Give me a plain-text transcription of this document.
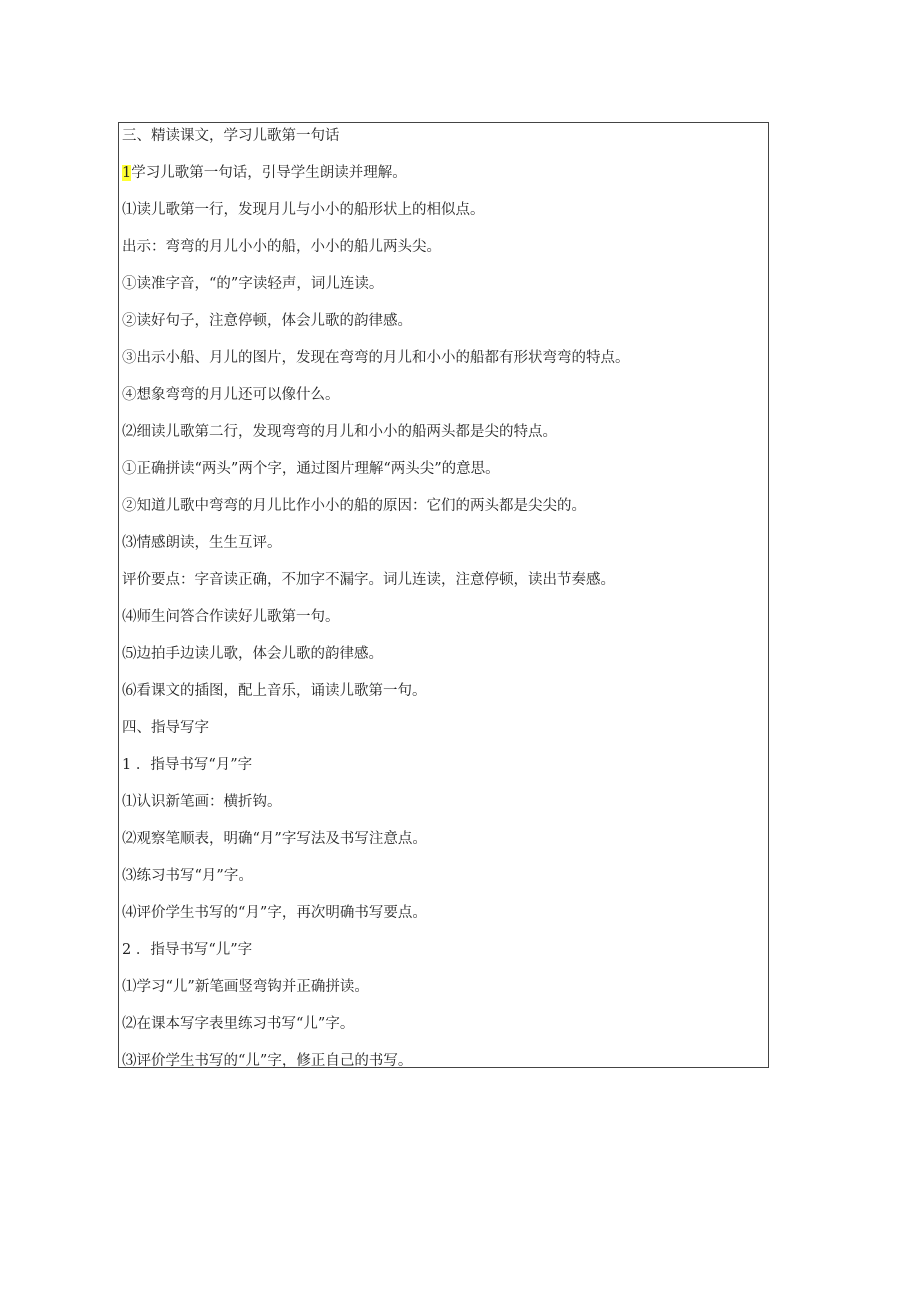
三、精读课文，学习儿歌第一句话
1学习儿歌第一句话，引导学生朗读并理解。
⑴读儿歌第一行，发现月儿与小小的船形状上的相似点。
出示：弯弯的月儿小小的船，小小的船儿两头尖。
①读准字音，“的”字读轻声，词儿连读。
②读好句子，注意停顿，体会儿歌的韵律感。
③出示小船、月儿的图片，发现在弯弯的月儿和小小的船都有形状弯弯的特点。
④想象弯弯的月儿还可以像什么。
⑵细读儿歌第二行，发现弯弯的月儿和小小的船两头都是尖的特点。
①正确拼读“两头”两个字，通过图片理解“两头尖”的意思。
②知道儿歌中弯弯的月儿比作小小的船的原因：它们的两头都是尖尖的。
⑶情感朗读，生生互评。
评价要点：字音读正确，不加字不漏字。词儿连读，注意停顿，读出节奏感。
⑷师生问答合作读好儿歌第一句。
⑸边拍手边读儿歌，体会儿歌的韵律感。
⑹看课文的插图，配上音乐，诵读儿歌第一句。
四、指导写字
1 ．指导书写“月”字
⑴认识新笔画：横折钩。
⑵观察笔顺表，明确“月”字写法及书写注意点。
⑶练习书写“月”字。
⑷评价学生书写的“月”字，再次明确书写要点。
2 ．指导书写“儿”字
⑴学习“儿”新笔画竖弯钩并正确拼读。
⑵在课本写字表里练习书写“儿”字。
⑶评价学生书写的“儿”字，修正自己的书写。
